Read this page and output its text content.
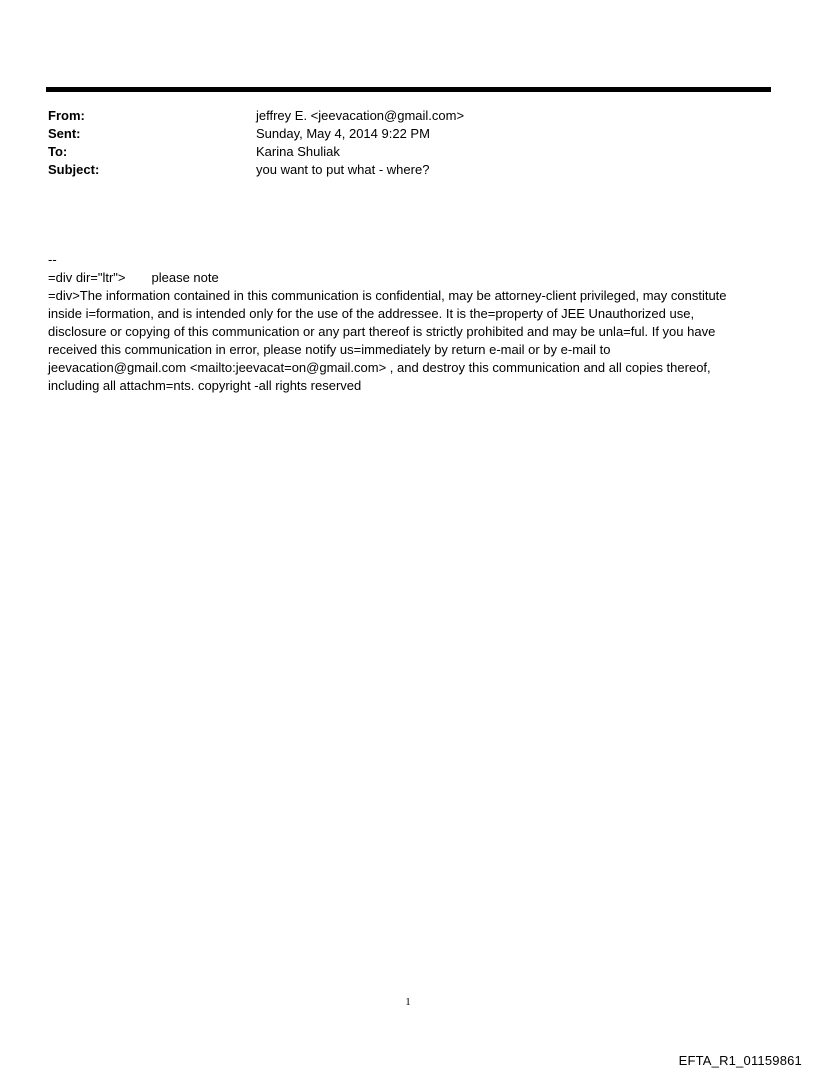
From:	jeffrey E. <jeevacation@gmail.com>
Sent:	Sunday, May 4, 2014 9:22 PM
To:	Karina Shuliak
Subject:	you want to put what - where?
--
=div dir="ltr"> please note
=div>The information contained in this communication is confidential, may be attorney-client privileged, may constitute
inside i=formation, and is intended only for the use of the addressee. It is the=property of JEE Unauthorized use,
disclosure or copying of this communication or any part thereof is strictly prohibited and may be unla=ful. If you have
received this communication in error, please notify us=immediately by return e-mail or by e-mail to
jeevacation@gmail.com <mailto:jeevacat=on@gmail.com> , and destroy this communication and all copies thereof,
including all attachm=nts. copyright -all rights reserved
1
EFTA_R1_01159861
